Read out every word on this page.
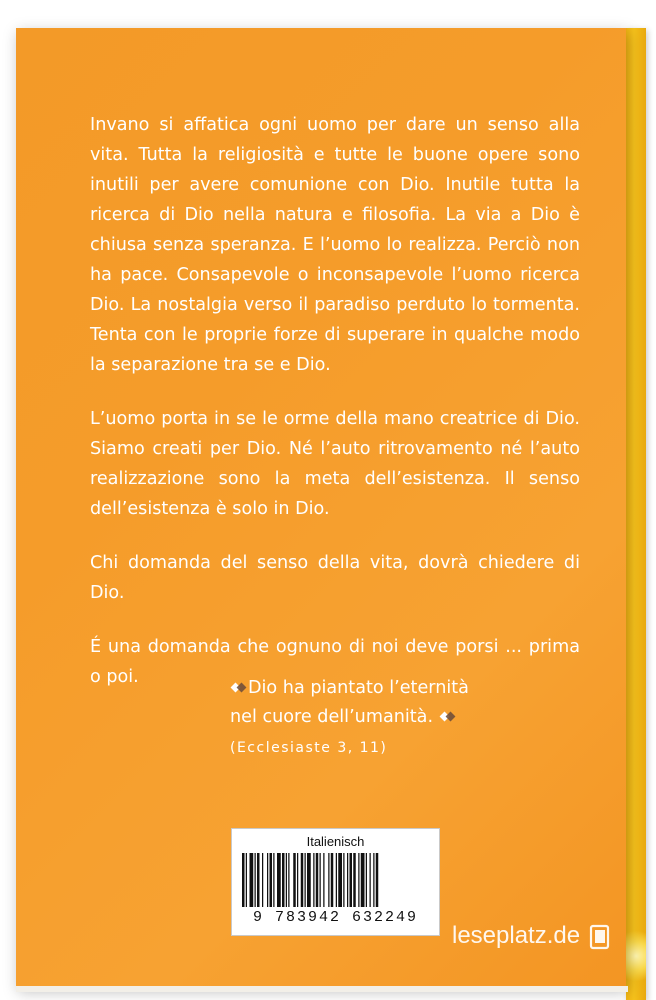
Invano si affatica ogni uomo per dare un senso alla vita. Tutta la religiosità e tutte le buone opere sono inutili per avere comunione con Dio. Inutile tutta la ricerca di Dio nella natura e filosofia. La via a Dio è chiusa senza speranza. E l’uomo lo realizza. Perciò non ha pace. Consapevole o inconsapevole l’uomo ricerca Dio. La nostalgia verso il paradiso perduto lo tormenta. Tenta con le proprie forze di superare in qualche modo la separazione tra se e Dio.

L’uomo porta in se le orme della mano creatrice di Dio. Siamo creati per Dio. Né l’auto ritrovamento né l’auto realizzazione sono la meta dell’esistenza. Il senso dell’esistenza è solo in Dio.

Chi domanda del senso della vita, dovrà chiedere di Dio.

É una domanda che ognuno di noi deve porsi ... prima o poi.

Dio ha piantato l’eternità
nel cuore dell’umanità.
(Ecclesiaste 3, 11)
Italienisch
9 783942 632249
leseplatz.de
